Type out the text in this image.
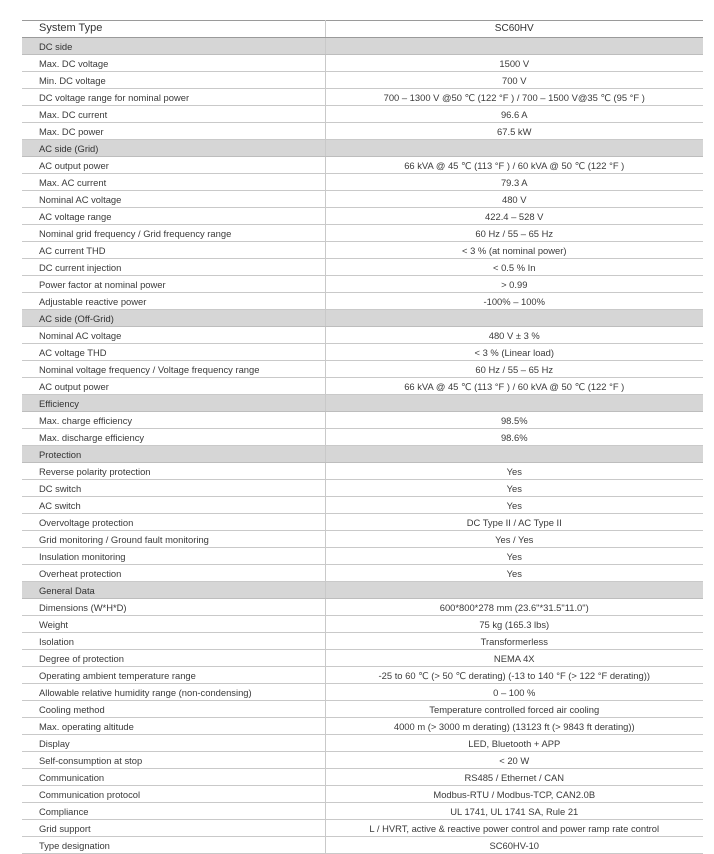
System Type	SC60HV
DC side	
Max. DC voltage	1500 V
Min. DC voltage	700 V
DC voltage range for nominal power	700 – 1300 V @50 ℃ (122 °F ) / 700 – 1500 V@35 ℃ (95 °F )
Max. DC current	96.6 A
Max. DC power	67.5 kW
AC side (Grid)	
AC output power	66 kVA @ 45 ℃ (113 °F ) / 60 kVA @ 50 ℃ (122 °F )
Max. AC current	79.3 A
Nominal AC voltage	480 V
AC voltage range	422.4 – 528 V
Nominal grid frequency / Grid frequency range	60 Hz / 55 – 65 Hz
AC current THD	< 3 % (at nominal power)
DC current injection	< 0.5 % In
Power factor at nominal power	> 0.99
Adjustable reactive power	-100% – 100%
AC side (Off-Grid)	
Nominal AC voltage	480 V ± 3 %
AC voltage THD	< 3 % (Linear load)
Nominal voltage frequency / Voltage frequency range	60 Hz / 55 – 65 Hz
AC output power	66 kVA @ 45 ℃ (113 °F ) / 60 kVA @ 50 ℃ (122 °F )
Efficiency	
Max. charge efficiency	98.5%
Max. discharge efficiency	98.6%
Protection	
Reverse polarity protection	Yes
DC switch	Yes
AC switch	Yes
Overvoltage protection	DC Type II / AC Type II
Grid monitoring / Ground fault monitoring	Yes / Yes
Insulation monitoring	Yes
Overheat protection	Yes
General Data	
Dimensions (W*H*D)	600*800*278 mm (23.6"*31.5"11.0")
Weight	75 kg (165.3 lbs)
Isolation	Transformerless
Degree of protection	NEMA 4X
Operating ambient temperature range	-25 to 60 ℃ (> 50 ℃ derating) (-13 to 140 °F (> 122 °F derating))
Allowable relative humidity range (non-condensing)	0 – 100 %
Cooling method	Temperature controlled forced air cooling
Max. operating altitude	4000 m (> 3000 m derating) (13123 ft (> 9843 ft derating))
Display	LED, Bluetooth + APP
Self-consumption at stop	< 20 W
Communication	RS485 / Ethernet / CAN
Communication protocol	Modbus-RTU / Modbus-TCP, CAN2.0B
Compliance	UL 1741, UL 1741 SA, Rule 21
Grid support	L / HVRT, active & reactive power control and power ramp rate control
Type designation	SC60HV-10
